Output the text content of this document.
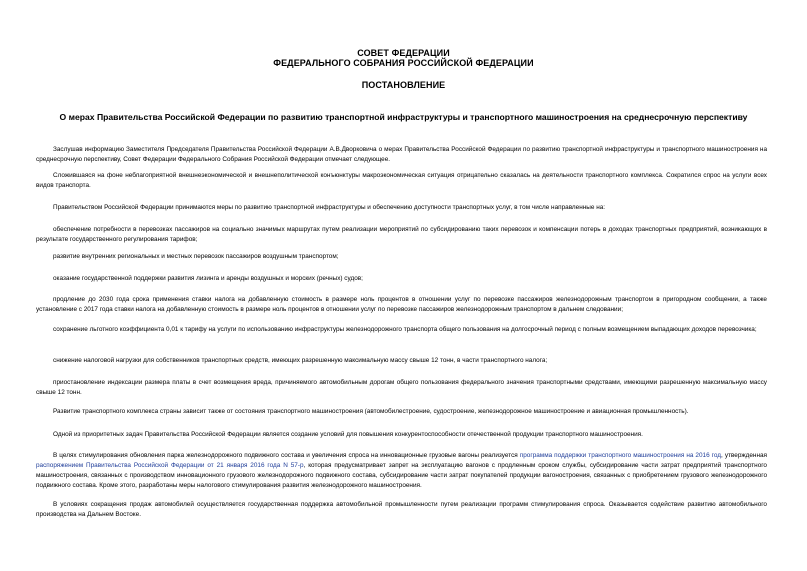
СОВЕТ ФЕДЕРАЦИИ
ФЕДЕРАЛЬНОГО СОБРАНИЯ РОССИЙСКОЙ ФЕДЕРАЦИИ
ПОСТАНОВЛЕНИЕ
О мерах Правительства Российской Федерации по развитию транспортной инфраструктуры и транспортного машиностроения на среднесрочную перспективу

Заслушав информацию Заместителя Председателя Правительства Российской Федерации А.В.Дворковича о мерах Правительства Российской Федерации по развитию транспортной инфраструктуры и транспортного машиностроения на среднесрочную перспективу, Совет Федерации Федерального Собрания Российской Федерации отмечает следующее.

Сложившаяся на фоне неблагоприятной внешнеэкономической и внешнеполитической конъюнктуры макроэкономическая ситуация отрицательно сказалась на деятельности транспортного комплекса. Сократился спрос на услуги всех видов транспорта.

Правительством Российской Федерации принимаются меры по развитию транспортной инфраструктуры и обеспечению доступности транспортных услуг, в том числе направленные на:

обеспечение потребности в перевозках пассажиров на социально значимых маршрутах путем реализации мероприятий по субсидированию таких перевозок и компенсации потерь в доходах транспортных предприятий, возникающих в результате государственного регулирования тарифов;

развитие внутренних региональных и местных перевозок пассажиров воздушным транспортом;

оказание государственной поддержки развития лизинга и аренды воздушных и морских (речных) судов;

продление до 2030 года срока применения ставки налога на добавленную стоимость в размере ноль процентов в отношении услуг по перевозке пассажиров железнодорожным транспортом в пригородном сообщении, а также установление с 2017 года ставки налога на добавленную стоимость в размере ноль процентов в отношении услуг по перевозке пассажиров железнодорожным транспортом в дальнем следовании;

сохранение льготного коэффициента 0,01 к тарифу на услуги по использованию инфраструктуры железнодорожного транспорта общего пользования на долгосрочный период с полным возмещением выпадающих доходов перевозчика;

снижение налоговой нагрузки для собственников транспортных средств, имеющих разрешенную максимальную массу свыше 12 тонн, в части транспортного налога;

приостановление индексации размера платы в счет возмещения вреда, причиняемого автомобильным дорогам общего пользования федерального значения транспортными средствами, имеющими разрешенную максимальную массу свыше 12 тонн.

Развитие транспортного комплекса страны зависит также от состояния транспортного машиностроения (автомобилестроение, судостроение, железнодорожное машиностроение и авиационная промышленность).

Одной из приоритетных задач Правительства Российской Федерации является создание условий для повышения конкурентоспособности отечественной продукции транспортного машиностроения.

В целях стимулирования обновления парка железнодорожного подвижного состава и увеличения спроса на инновационные грузовые вагоны реализуется программа поддержки транспортного машиностроения на 2016 год, утвержденная распоряжением Правительства Российской Федерации от 21 января 2016 года N 57-р, которая предусматривает запрет на эксплуатацию вагонов с продленным сроком службы, субсидирование части затрат предприятий транспортного машиностроения, связанных с производством инновационного грузового железнодорожного подвижного состава, субсидирование части затрат покупателей продукции вагоностроения, связанных с приобретением грузового железнодорожного подвижного состава. Кроме этого, разработаны меры налогового стимулирования развития железнодорожного машиностроения.

В условиях сокращения продаж автомобилей осуществляется государственная поддержка автомобильной промышленности путем реализации программ стимулирования спроса. Оказывается содействие развитию автомобильного производства на Дальнем Востоке.
